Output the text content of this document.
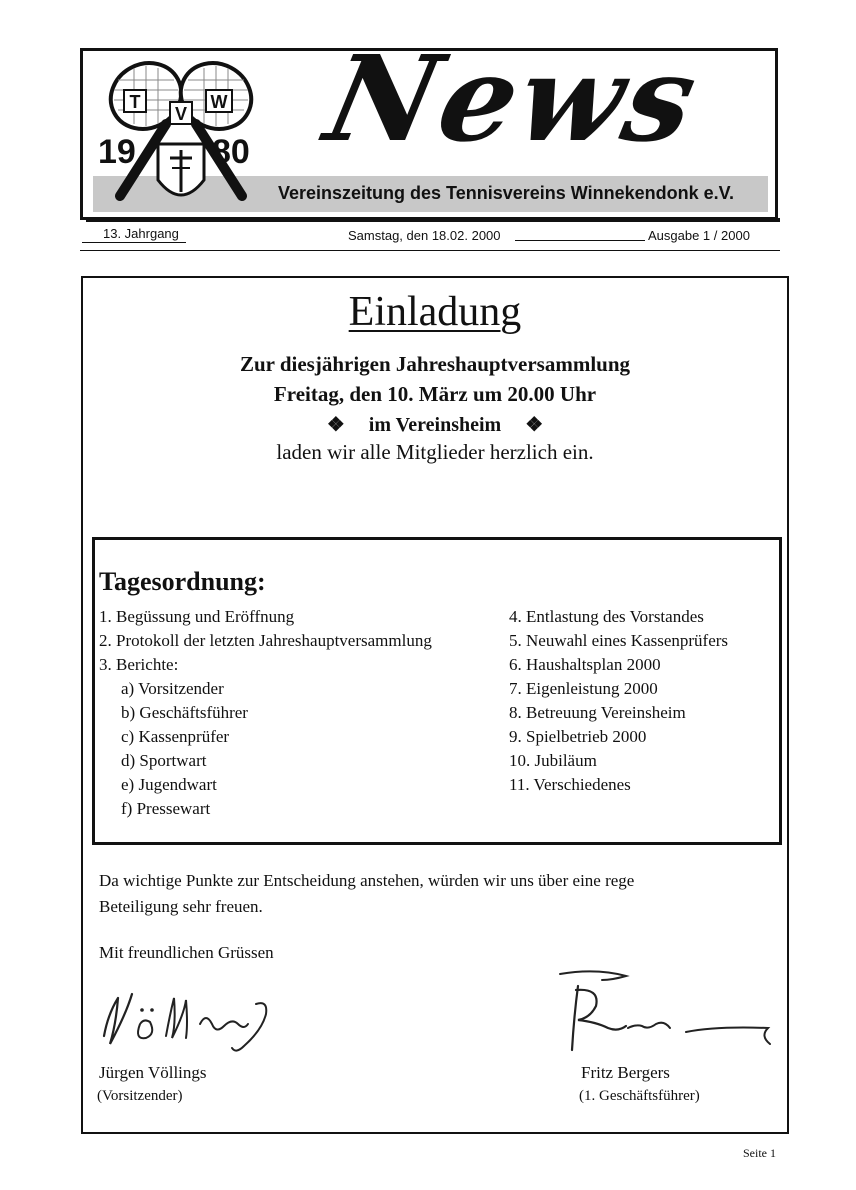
T
V
W
19 80 News
Vereinszeitung des Tennisvereins Winnekendonk e.V.
13. Jahrgang	Samstag, den 18.02. 2000	Ausgabe 1 / 2000
Einladung
Zur diesjährigen Jahreshauptversammlung
Freitag, den 10. März um 20.00 Uhr
❖ im Vereinsheim ❖
laden wir alle Mitglieder herzlich ein.
Tagesordnung:
1. Begüssung und Eröffnung
2. Protokoll der letzten Jahreshauptversammlung
3. Berichte:
a) Vorsitzender
b) Geschäftsführer
c) Kassenprüfer
d) Sportwart
e) Jugendwart
f) Pressewart
4. Entlastung des Vorstandes
5. Neuwahl eines Kassenprüfers
6. Haushaltsplan 2000
7. Eigenleistung 2000
8. Betreuung Vereinsheim
9. Spielbetrieb 2000
10. Jubiläum
11. Verschiedenes
Da wichtige Punkte zur Entscheidung anstehen, würden wir uns über eine rege
Beteiligung sehr freuen.
Mit freundlichen Grüssen
Jürgen Völlings
(Vorsitzender)
Fritz Bergers
(1. Geschäftsführer)
Seite 1
